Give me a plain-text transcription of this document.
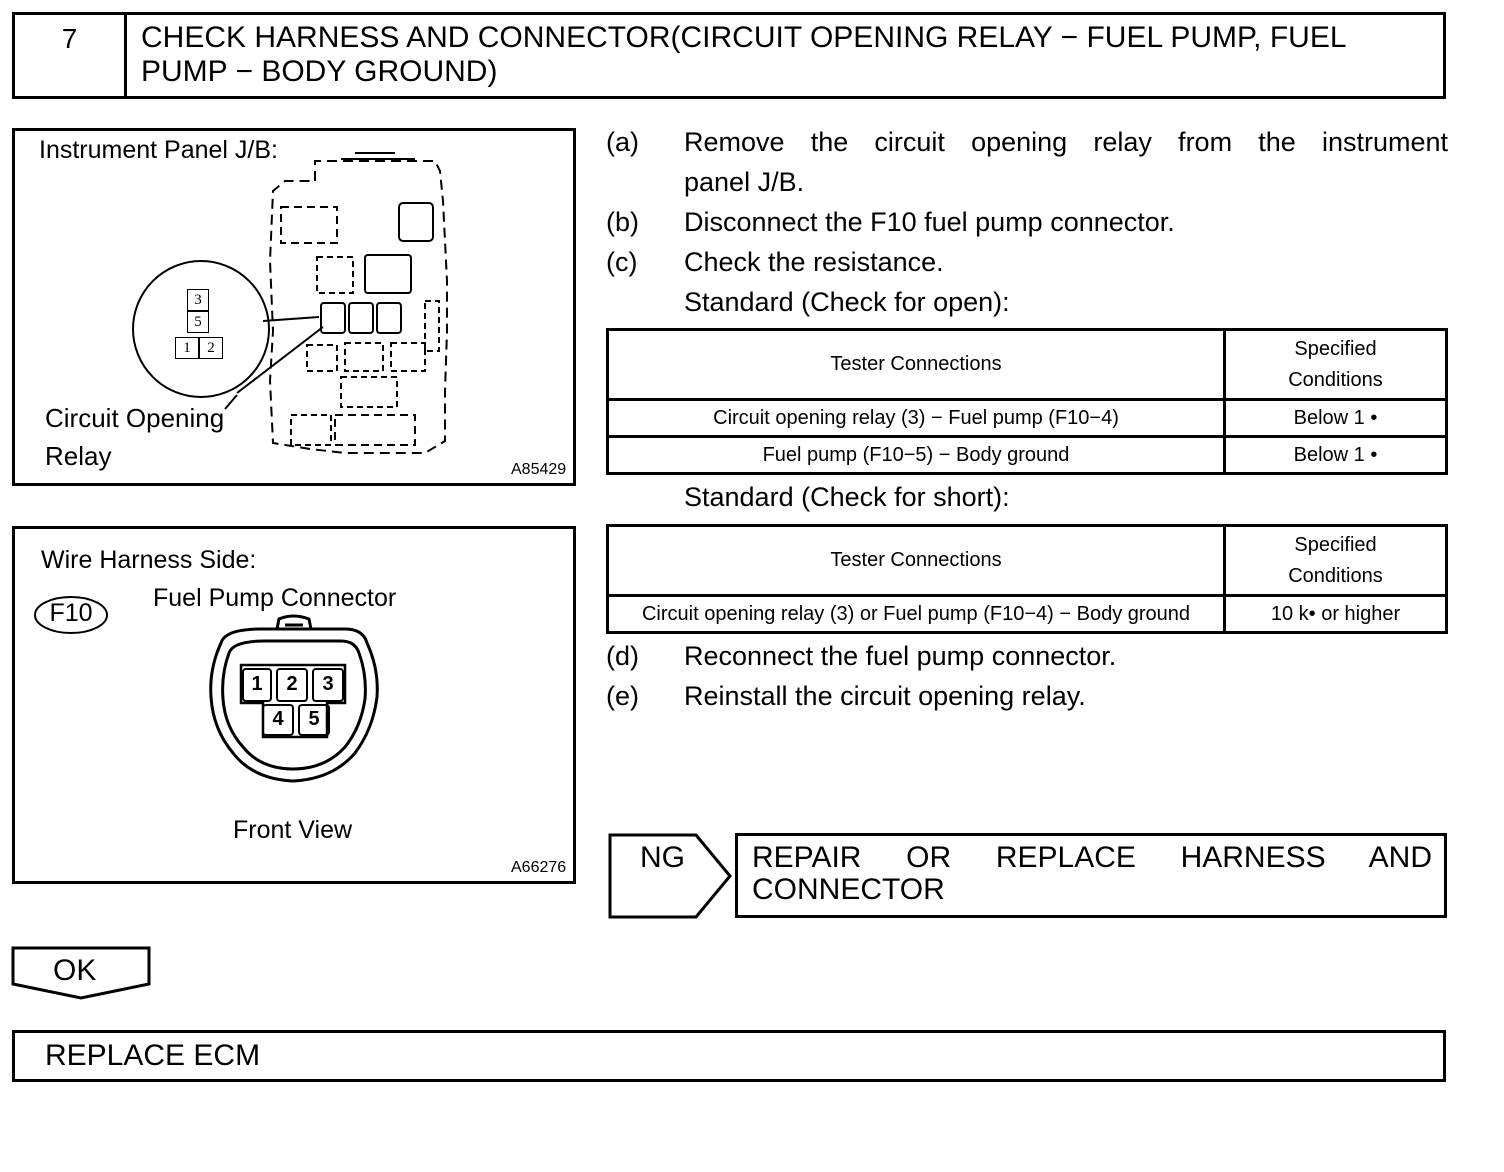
7	CHECK HARNESS AND CONNECTOR(CIRCUIT OPENING RELAY − FUEL PUMP, FUEL PUMP − BODY GROUND)
Instrument Panel J/B:
3
5
1	2
Circuit Opening
Relay	A85429
Wire Harness Side:
F10
Fuel Pump Connector
1	2	3
4	5
Front View
A66276
(a) Remove the circuit opening relay from the instrument
panel J/B.
(b) Disconnect the F10 fuel pump connector.
(c) Check the resistance.
Standard (Check for open):
Tester Connections	Specified
Conditions

Circuit opening relay (3) − Fuel pump (F10−4)	Below 1 •
Fuel pump (F10−5) − Body ground	Below 1 •
Standard (Check for short):
Tester Connections	Specified
Conditions

Circuit opening relay (3) or Fuel pump (F10−4) − Body ground	10 k• or higher
(d) Reconnect the fuel pump connector.
(e) Reinstall the circuit opening relay.
NG REPAIR OR REPLACE HARNESS AND
CONNECTOR
OK
REPLACE ECM
